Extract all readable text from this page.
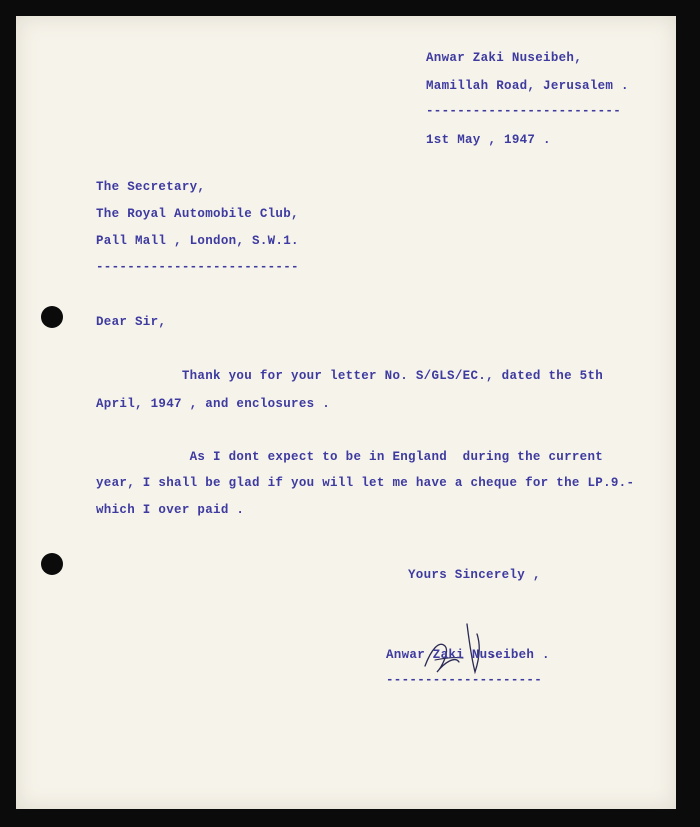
Anwar Zaki Nuseibeh,

Mamillah Road, Jerusalem .

-------------------------

1st May , 1947 .

The Secretary,

The Royal Automobile Club,

Pall Mall , London, S.W.1.

--------------------------

Dear Sir,

Thank you for your letter No. S/GLS/EC., dated the 5th

April, 1947 , and enclosures .

As I dont expect to be in England  during the current

year, I shall be glad if you will let me have a cheque for the LP.9.-

which I over paid .

Yours Sincerely ,

Anwar Zaki Nuseibeh .

--------------------
